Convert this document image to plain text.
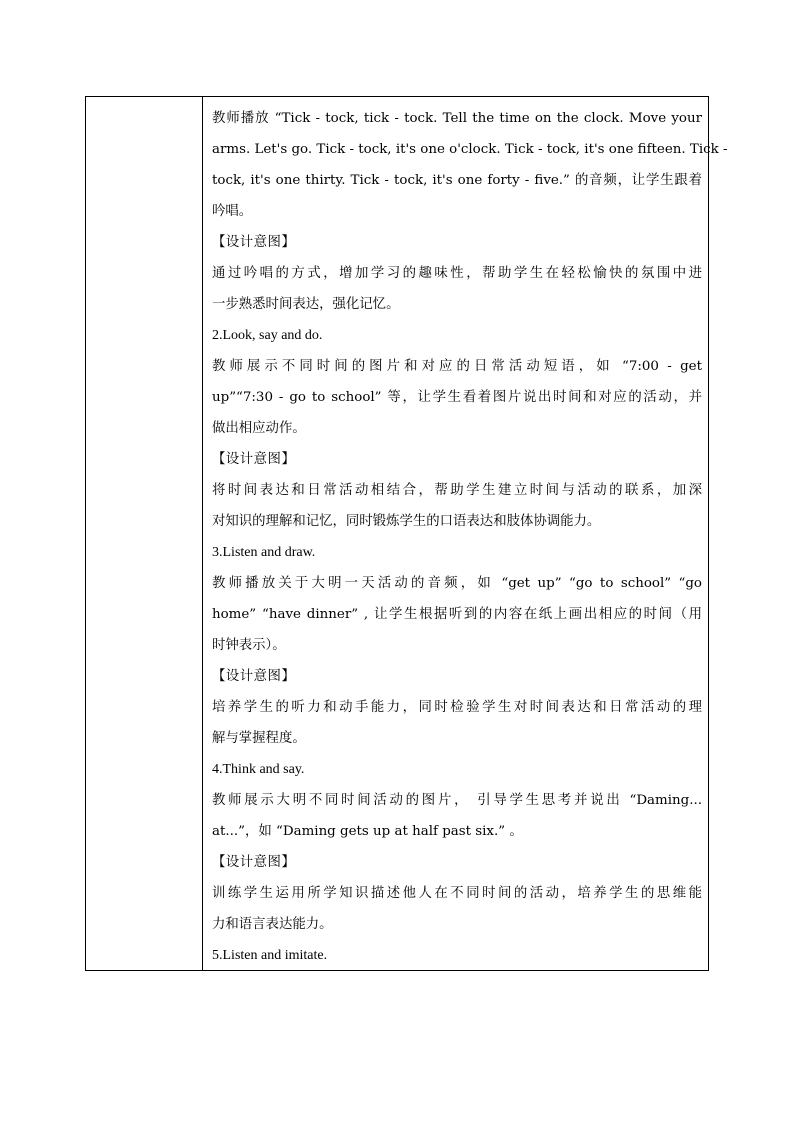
教师播放 “Tick - tock, tick - tock. Tell the time on the clock. Move your
arms. Let's go. Tick - tock, it's one o'clock. Tick - tock, it's one fifteen. Tick -
tock, it's one thirty. Tick - tock, it's one forty - five.” 的音频，让学生跟着
吟唱。
【设计意图】
通过吟唱的方式，增加学习的趣味性，帮助学生在轻松愉快的氛围中进
一步熟悉时间表达，强化记忆。
2.Look, say and do.
教师展示不同时间的图片和对应的日常活动短语，如 “7:00 - get
up”“7:30 - go to school” 等，让学生看着图片说出时间和对应的活动，并
做出相应动作。
【设计意图】
将时间表达和日常活动相结合，帮助学生建立时间与活动的联系，加深
对知识的理解和记忆，同时锻炼学生的口语表达和肢体协调能力。
3.Listen and draw.
教师播放关于大明一天活动的音频，如 “get up” “go to school” “go
home” “have dinner” , 让学生根据听到的内容在纸上画出相应的时间（用
时钟表示）。
【设计意图】
培养学生的听力和动手能力，同时检验学生对时间表达和日常活动的理
解与掌握程度。
4.Think and say.
教师展示大明不同时间活动的图片， 引导学生思考并说出 “Daming...
at...”，如 “Daming gets up at half past six.” 。
【设计意图】
训练学生运用所学知识描述他人在不同时间的活动，培养学生的思维能
力和语言表达能力。
5.Listen and imitate.
